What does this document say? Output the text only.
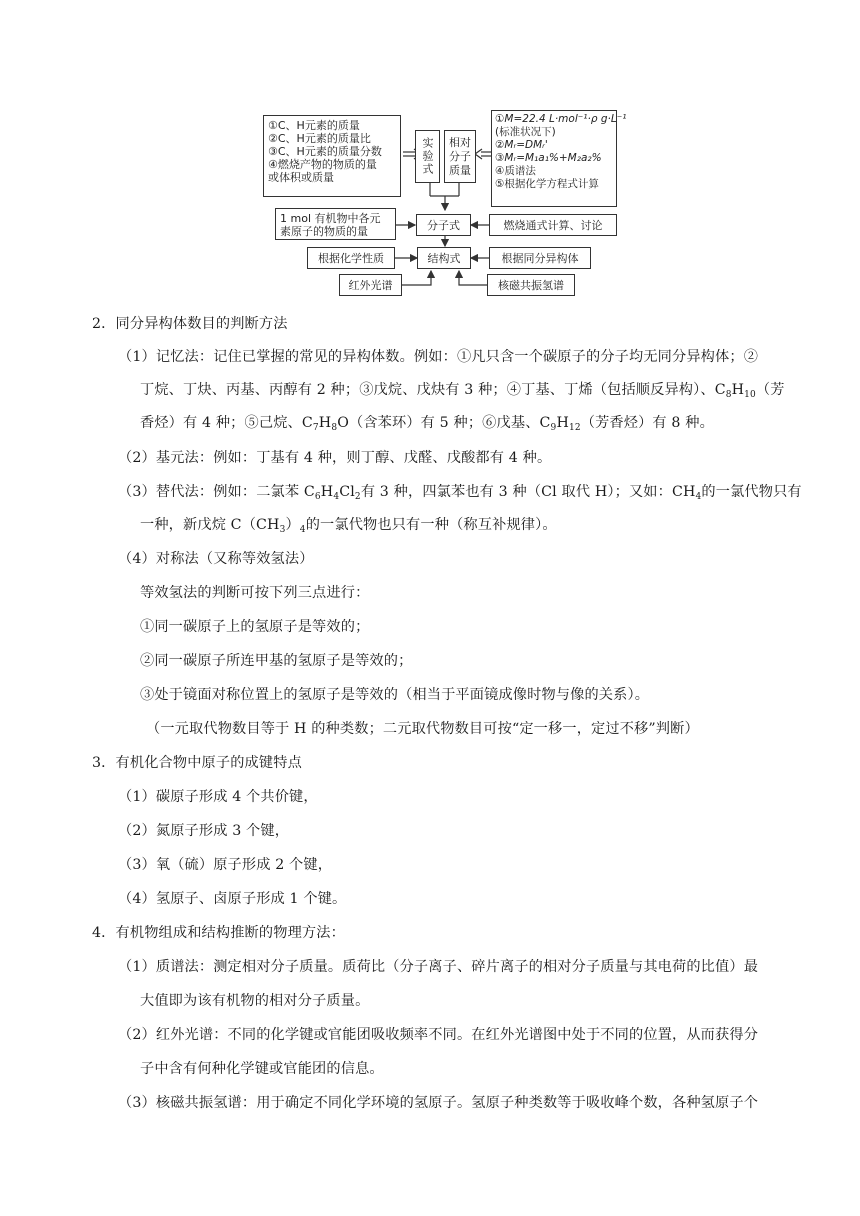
①C、H元素的质量
②C、H元素的质量比
③C、H元素的质量分数
④燃烧产物的物质的量
或体积或质量
实验式 相对分子质量
①M=22.4 L·mol⁻¹·ρ g·L⁻¹
(标准状况下)
②Mᵣ=DMᵣ'
③Mᵣ=M₁a₁%+M₂a₂%
④质谱法
⑤根据化学方程式计算
1 mol 有机物中各元
素原子的物质的量	分子式	燃烧通式计算、讨论
根据化学性质	结构式	根据同分异构体
红外光谱	核磁共振氢谱
2．同分异构体数目的判断方法
（1）记忆法：记住已掌握的常见的异构体数。例如：①凡只含一个碳原子的分子均无同分异构体；②
丁烷、丁炔、丙基、丙醇有 2 种；③戊烷、戊炔有 3 种；④丁基、丁烯（包括顺反异构）、$C_8H_{10}$（芳
香烃）有 4 种；⑤己烷、$C_7H_8O$（含苯环）有 5 种；⑥戊基、$C_9H_{12}$（芳香烃）有 8 种。
（2）基元法：例如：丁基有 4 种，则丁醇、戊醛、戊酸都有 4 种。
（3）替代法：例如：二氯苯 $C_6H_4Cl_2$有 3 种，四氯苯也有 3 种（Cl 取代 H）；又如：$CH_4$的一氯代物只有
一种，新戊烷 $C(CH_3)_4$的一氯代物也只有一种（称互补规律）。
（4）对称法（又称等效氢法）
等效氢法的判断可按下列三点进行：
①同一碳原子上的氢原子是等效的；
②同一碳原子所连甲基的氢原子是等效的；
③处于镜面对称位置上的氢原子是等效的（相当于平面镜成像时物与像的关系）。
（一元取代物数目等于 H 的种类数；二元取代物数目可按“定一移一，定过不移”判断）
3．有机化合物中原子的成键特点
（1）碳原子形成 4 个共价键，
（2）氮原子形成 3 个键，
（3）氧（硫）原子形成 2 个键，
（4）氢原子、卤原子形成 1 个键。
4．有机物组成和结构推断的物理方法：
（1）质谱法：测定相对分子质量。质荷比（分子离子、碎片离子的相对分子质量与其电荷的比值）最
大值即为该有机物的相对分子质量。
（2）红外光谱：不同的化学键或官能团吸收频率不同。在红外光谱图中处于不同的位置，从而获得分
子中含有何种化学键或官能团的信息。
（3）核磁共振氢谱：用于确定不同化学环境的氢原子。氢原子种类数等于吸收峰个数，各种氢原子个
